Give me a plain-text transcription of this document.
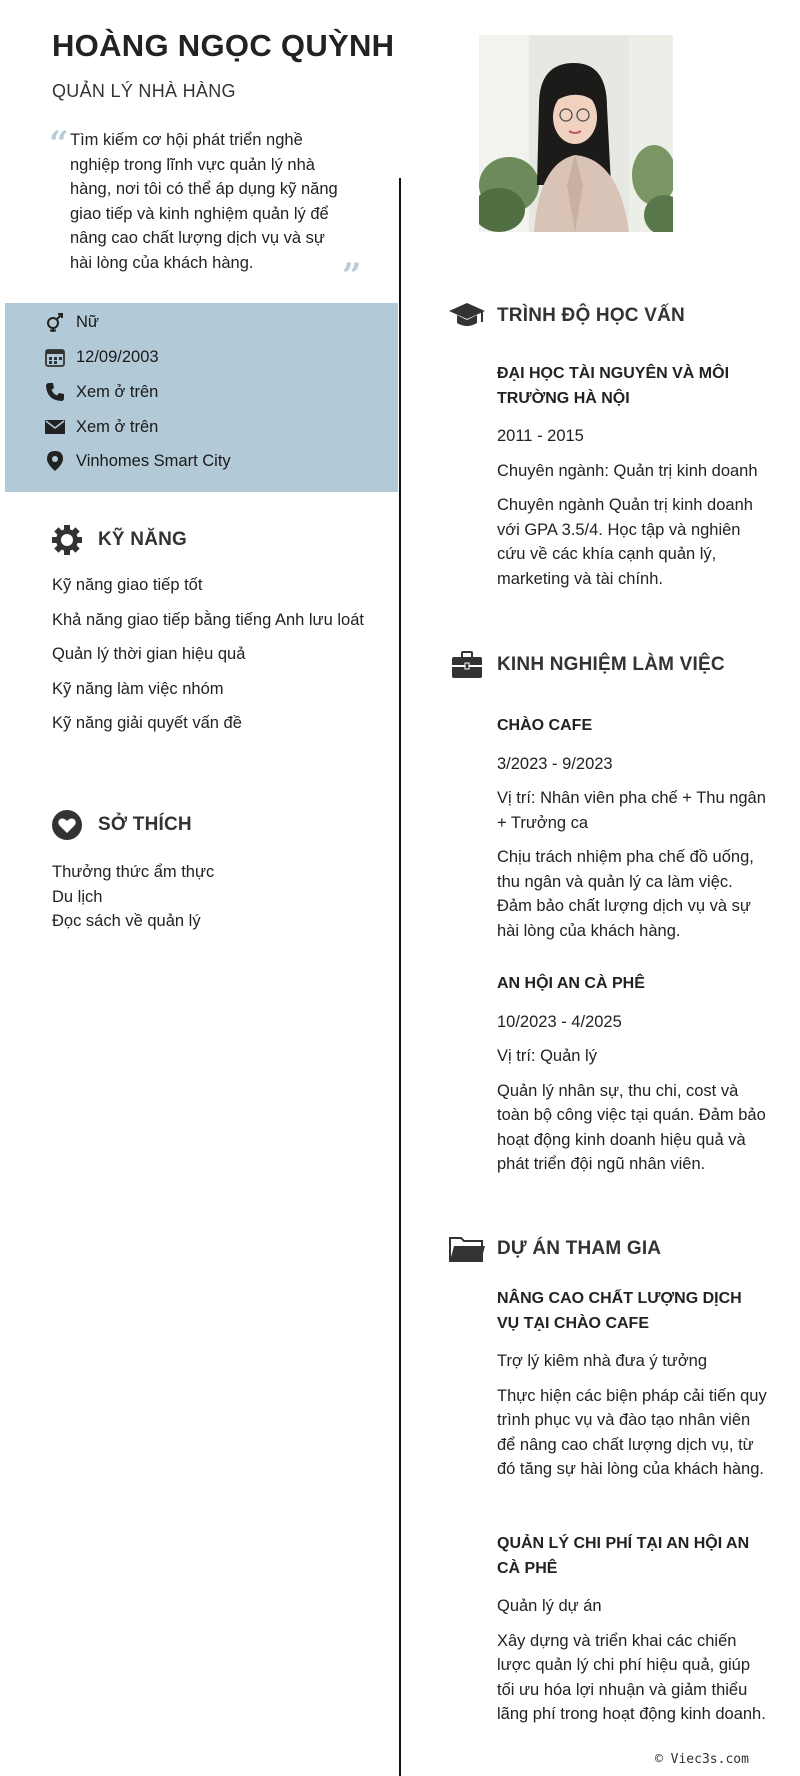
HOÀNG NGỌC QUỲNH
QUẢN LÝ NHÀ HÀNG
“ Tìm kiếm cơ hội phát triển nghề nghiệp trong lĩnh vực quản lý nhà hàng, nơi tôi có thể áp dụng kỹ năng giao tiếp và kinh nghiệm quản lý để nâng cao chất lượng dịch vụ và sự hài lòng của khách hàng.	”
Nữ
12/09/2003
Xem ở trên
Xem ở trên
Vinhomes Smart City
KỸ NĂNG
Kỹ năng giao tiếp tốt
Khả năng giao tiếp bằng tiếng Anh lưu loát
Quản lý thời gian hiệu quả
Kỹ năng làm việc nhóm
Kỹ năng giải quyết vấn đề
SỞ THÍCH
Thưởng thức ẩm thực
Du lịch
Đọc sách về quản lý
TRÌNH ĐỘ HỌC VẤN
ĐẠI HỌC TÀI NGUYÊN VÀ MÔI TRƯỜNG HÀ NỘI
2011 - 2015
Chuyên ngành: Quản trị kinh doanh
Chuyên ngành Quản trị kinh doanh với GPA 3.5/4. Học tập và nghiên cứu về các khía cạnh quản lý, marketing và tài chính.
KINH NGHIỆM LÀM VIỆC
CHÀO CAFE
3/2023 - 9/2023
Vị trí: Nhân viên pha chế + Thu ngân + Trưởng ca
Chịu trách nhiệm pha chế đồ uống, thu ngân và quản lý ca làm việc. Đảm bảo chất lượng dịch vụ và sự hài lòng của khách hàng.
AN HỘI AN CÀ PHÊ
10/2023 - 4/2025
Vị trí: Quản lý
Quản lý nhân sự, thu chi, cost và toàn bộ công việc tại quán. Đảm bảo hoạt động kinh doanh hiệu quả và phát triển đội ngũ nhân viên.
DỰ ÁN THAM GIA
NÂNG CAO CHẤT LƯỢNG DỊCH VỤ TẠI CHÀO CAFE
Trợ lý kiêm nhà đưa ý tưởng
Thực hiện các biện pháp cải tiến quy trình phục vụ và đào tạo nhân viên để nâng cao chất lượng dịch vụ, từ đó tăng sự hài lòng của khách hàng.
QUẢN LÝ CHI PHÍ TẠI AN HỘI AN CÀ PHÊ
Quản lý dự án
Xây dựng và triển khai các chiến lược quản lý chi phí hiệu quả, giúp tối ưu hóa lợi nhuận và giảm thiểu lãng phí trong hoạt động kinh doanh.
© Viec3s.com
